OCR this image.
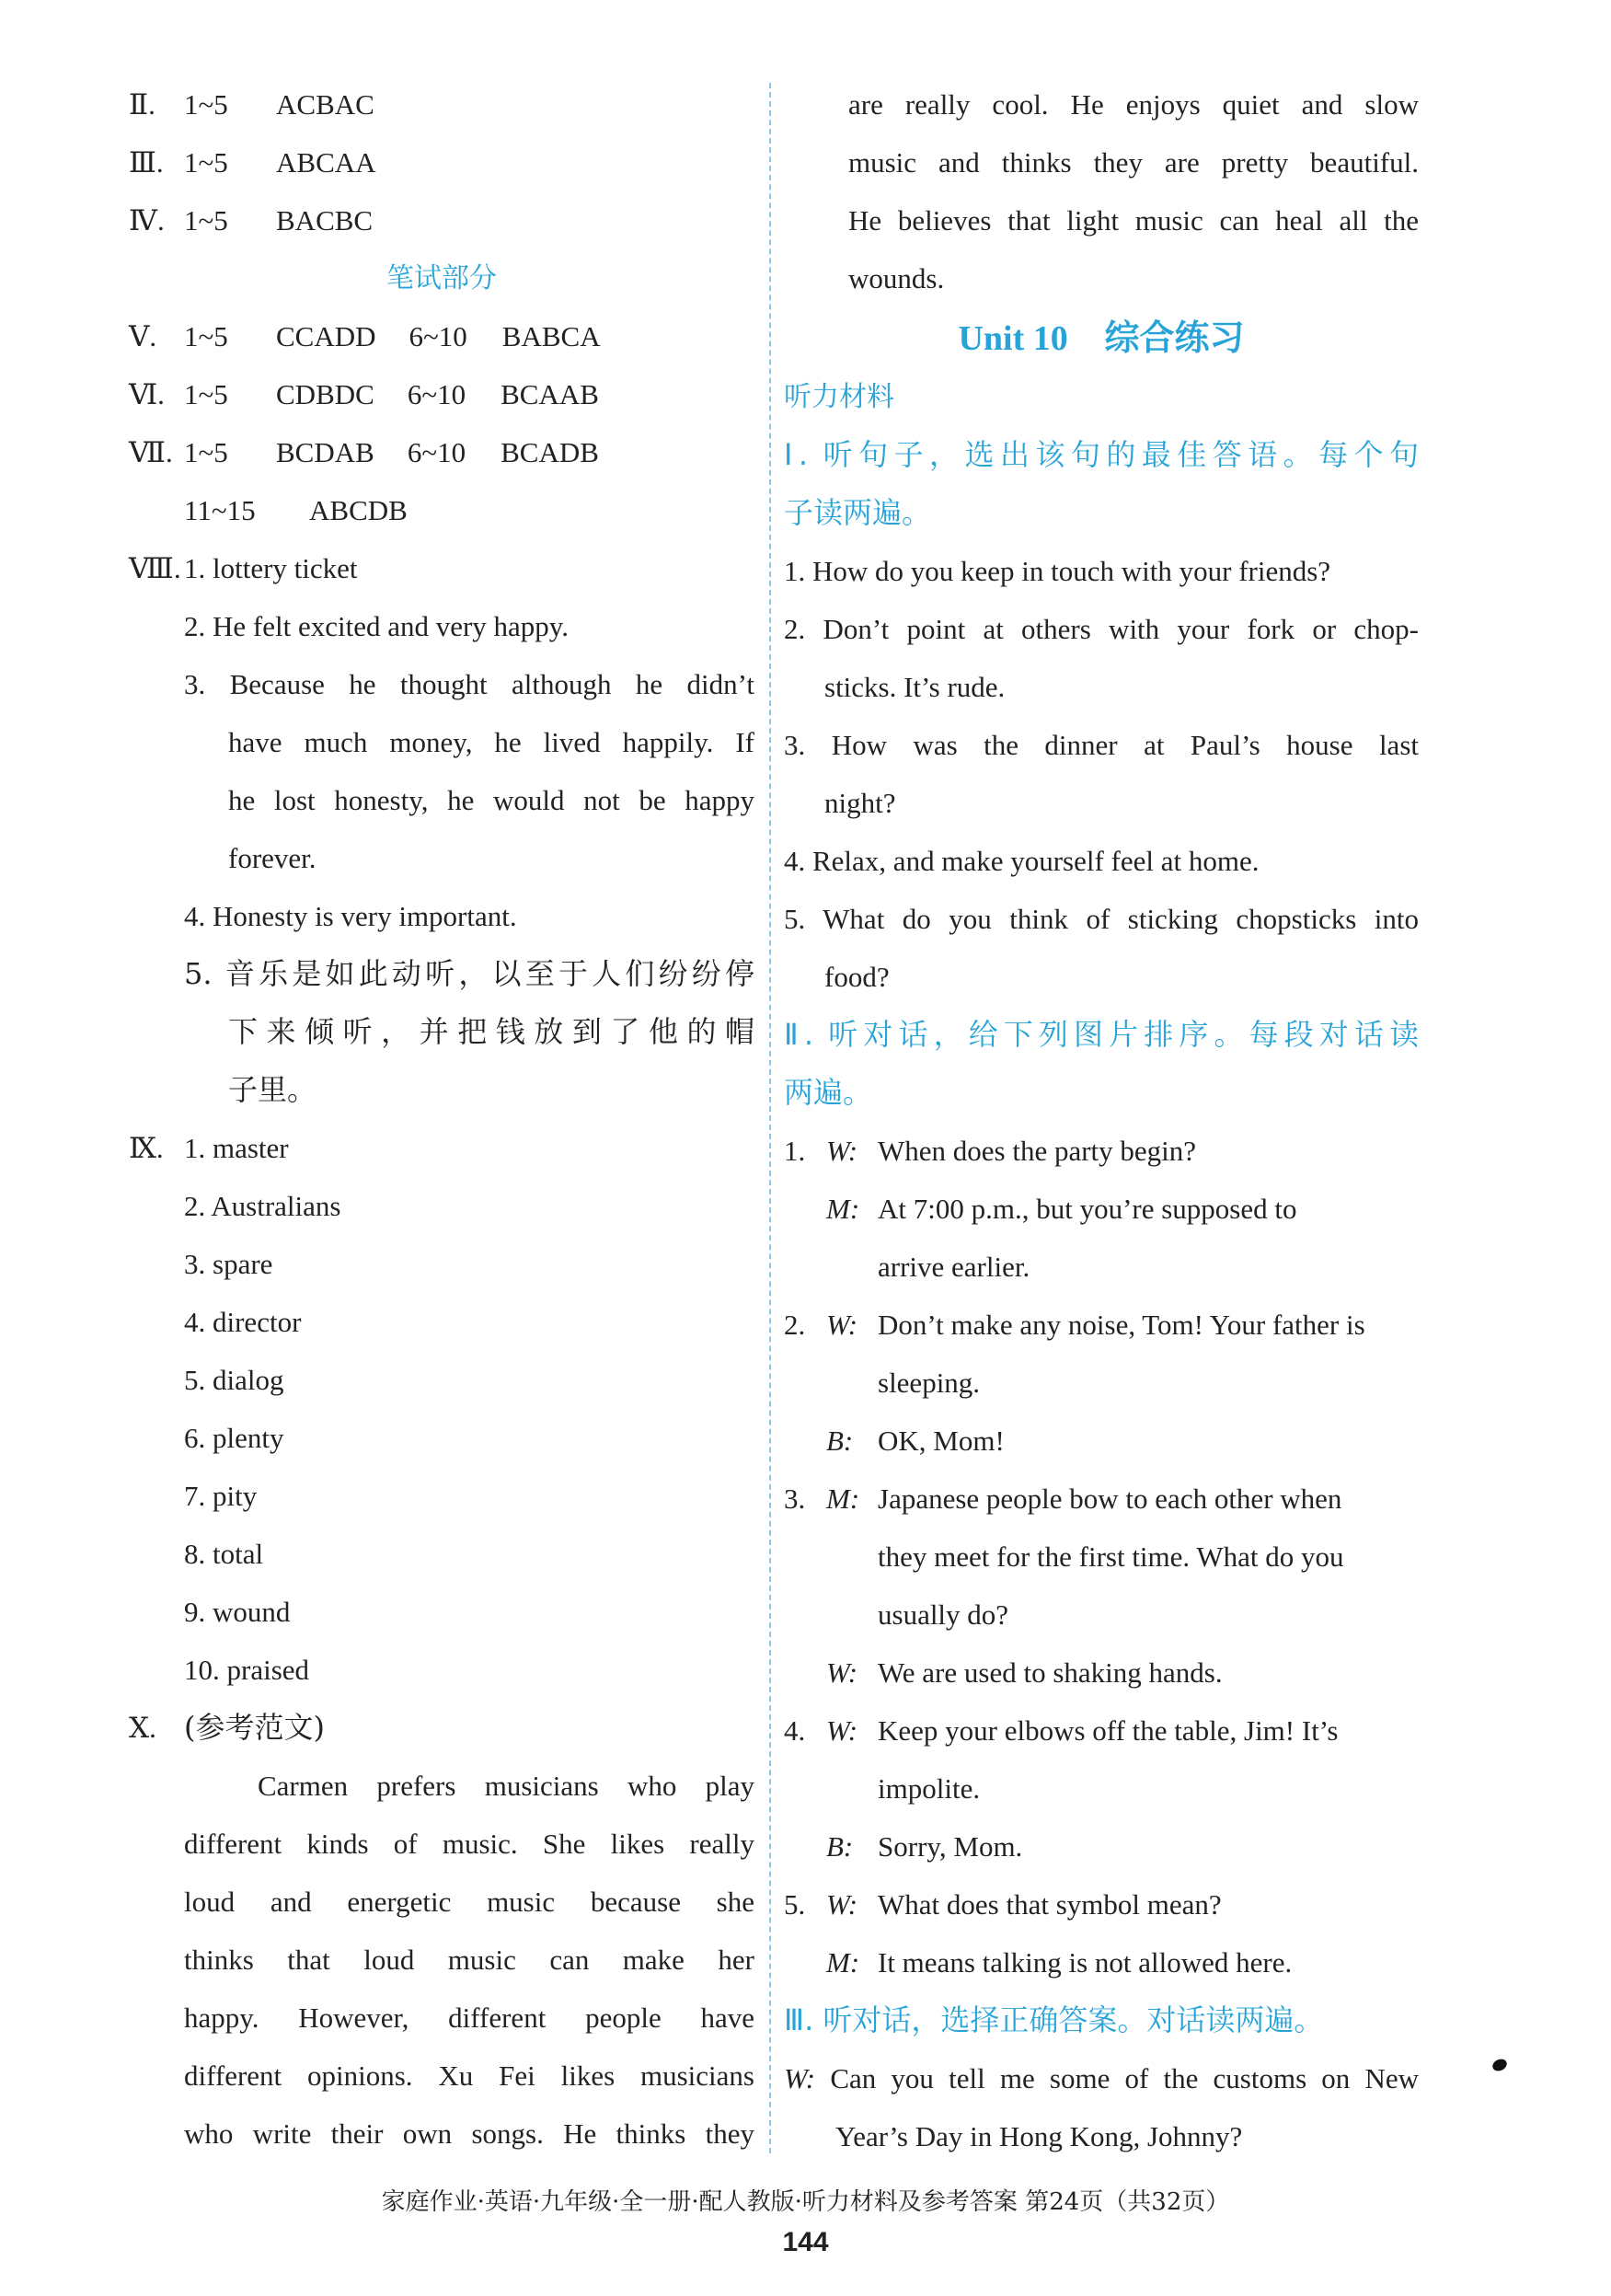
Ⅱ. 1~5 ACBAC
Ⅲ. 1~5 ABCAA
Ⅳ. 1~5 BACBC
笔试部分
Ⅴ. 1~5 CCADD 6~10 BABCA
Ⅵ. 1~5 CDBDC 6~10 BCAAB
Ⅶ. 1~5 BCDAB 6~10 BCADB
11~15 ABCDB
Ⅷ. 1. lottery ticket
2. He felt excited and very happy.
3. Because he thought although he didn’t
have much money, he lived happily. If
he lost honesty, he would not be happy
forever.
4. Honesty is very important.
5. 音乐是如此动听，以至于人们纷纷停
下来倾听，并把钱放到了他的帽
子里。
Ⅸ. 1. master
2. Australians
3. spare
4. director
5. dialog
6. plenty
7. pity
8. total
9. wound
10. praised
Ⅹ. (参考范文)
Carmen prefers musicians who play
different kinds of music. She likes really
loud and energetic music because she
thinks that loud music can make her
happy. However, different people have
different opinions. Xu Fei likes musicians
who write their own songs. He thinks they
are really cool. He enjoys quiet and slow
music and thinks they are pretty beautiful.
He believes that light music can heal all the
wounds.
Unit 10 综合练习
听力材料
Ⅰ. 听句子，选出该句的最佳答语。每个句
子读两遍。
1. How do you keep in touch with your friends?
2. Don’t point at others with your fork or chop-
sticks. It’s rude.
3. How was the dinner at Paul’s house last
night?
4. Relax, and make yourself feel at home.
5. What do you think of sticking chopsticks into
food?
Ⅱ. 听对话，给下列图片排序。每段对话读
两遍。
1. W: When does the party begin?
M: At 7:00 p.m., but you’re supposed to
arrive earlier.
2. W: Don’t make any noise, Tom! Your father is
sleeping.
B: OK, Mom!
3. M: Japanese people bow to each other when
they meet for the first time. What do you
usually do?
W: We are used to shaking hands.
4. W: Keep your elbows off the table, Jim! It’s
impolite.
B: Sorry, Mom.
5. W: What does that symbol mean?
M: It means talking is not allowed here.
Ⅲ. 听对话，选择正确答案。对话读两遍。
W: Can you tell me some of the customs on New
Year’s Day in Hong Kong, Johnny?
家庭作业·英语·九年级·全一册·配人教版·听力材料及参考答案 第24页（共32页）
144
